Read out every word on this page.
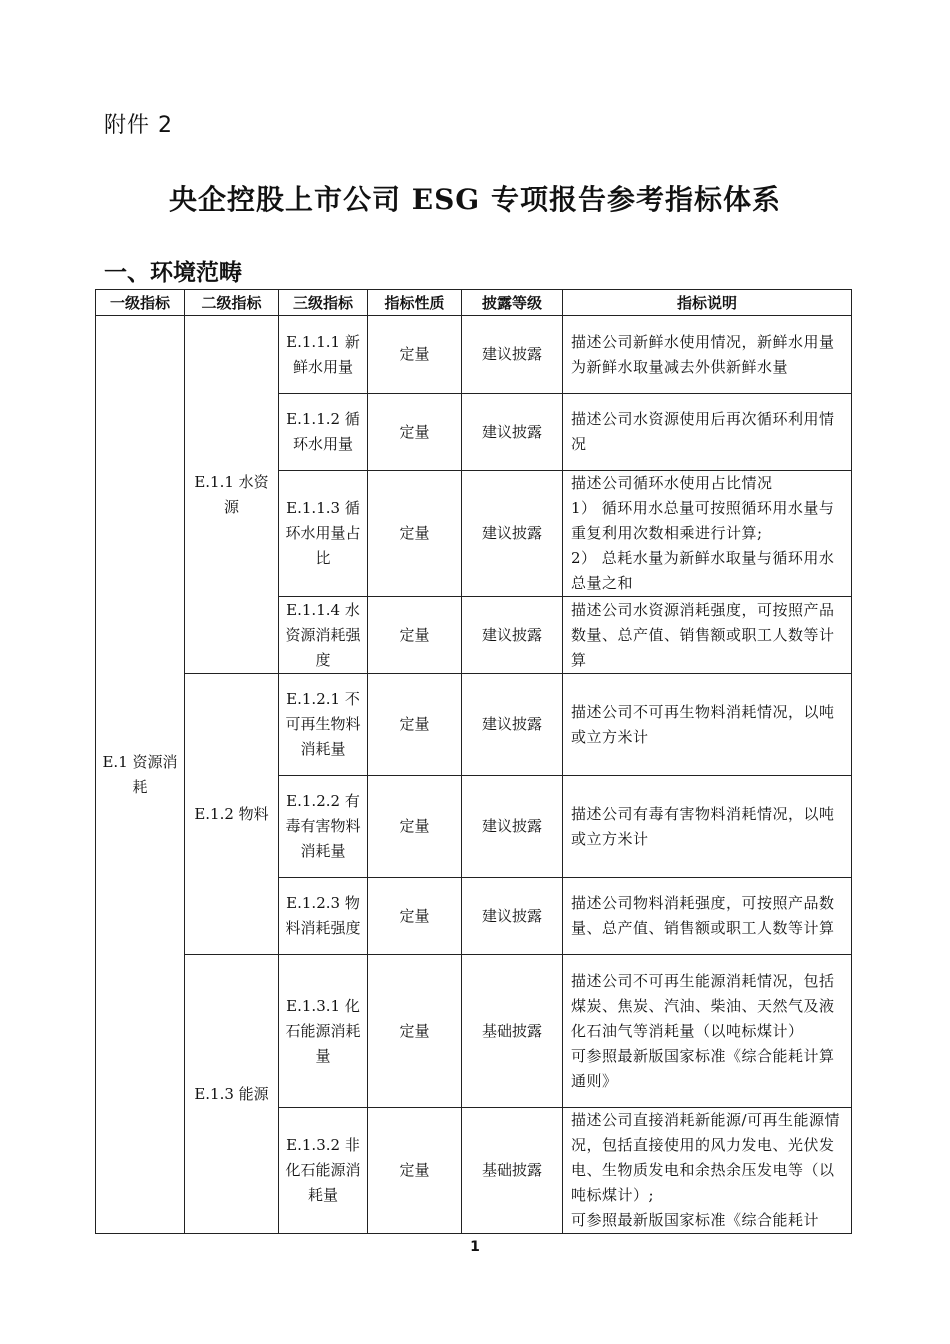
附件 2
央企控股上市公司 ESG 专项报告参考指标体系
一、环境范畴
一级指标	二级指标	三级指标	指标性质	披露等级	指标说明
E.1 资源消耗	E.1.1 水资源	E.1.1.1 新鲜水用量	定量	建议披露	描述公司新鲜水使用情况，新鲜水用量为新鲜水取量减去外供新鲜水量
		E.1.1.2 循环水用量	定量	建议披露	描述公司水资源使用后再次循环利用情况
		E.1.1.3 循环水用量占比	定量	建议披露	描述公司循环水使用占比情况
1） 循环用水总量可按照循环用水量与重复利用次数相乘进行计算;
2） 总耗水量为新鲜水取量与循环用水总量之和
		E.1.1.4 水资源消耗强度	定量	建议披露	描述公司水资源消耗强度，可按照产品数量、总产值、销售额或职工人数等计算
	E.1.2 物料	E.1.2.1 不可再生物料消耗量	定量	建议披露	描述公司不可再生物料消耗情况，以吨或立方米计
		E.1.2.2 有毒有害物料消耗量	定量	建议披露	描述公司有毒有害物料消耗情况，以吨或立方米计
		E.1.2.3 物料消耗强度	定量	建议披露	描述公司物料消耗强度，可按照产品数量、总产值、销售额或职工人数等计算
	E.1.3 能源	E.1.3.1 化石能源消耗量	定量	基础披露	描述公司不可再生能源消耗情况，包括煤炭、焦炭、汽油、柴油、天然气及液化石油气等消耗量（以吨标煤计）
可参照最新版国家标准《综合能耗计算通则》
		E.1.3.2 非化石能源消耗量	定量	基础披露	描述公司直接消耗新能源/可再生能源情况，包括直接使用的风力发电、光伏发电、生物质发电和余热余压发电等（以吨标煤计）;
可参照最新版国家标准《综合能耗计
1
